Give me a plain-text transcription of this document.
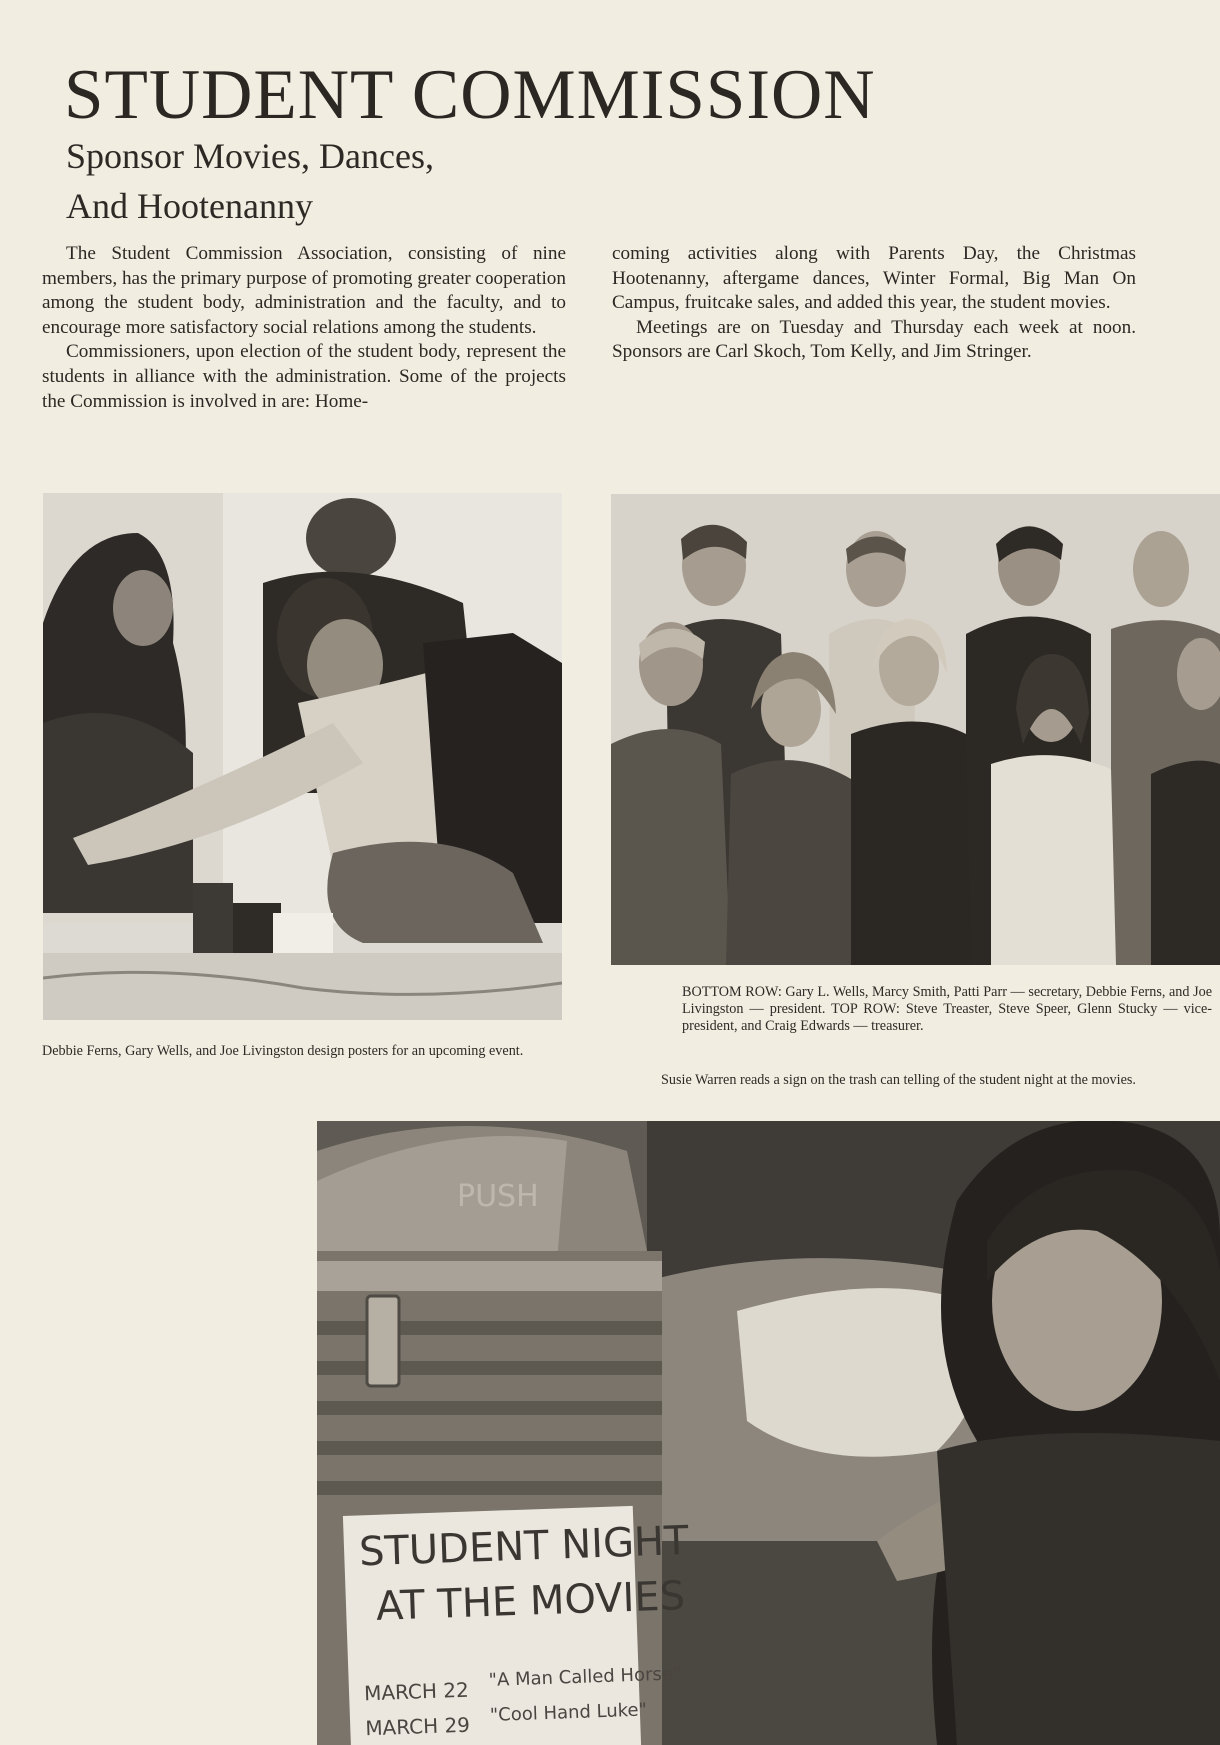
STUDENT COMMISSION
Sponsor Movies, Dances,
And Hootenanny

The Student Commission Association, consisting of nine members, has the primary purpose of promoting greater cooperation among the student body, administration and the faculty, and to encourage more satisfactory social relations among the students.

Commissioners, upon election of the student body, represent the students in alliance with the administration. Some of the projects the Commission is involved in are: Home-

coming activities along with Parents Day, the Christmas Hootenanny, aftergame dances, Winter Formal, Big Man On Campus, fruitcake sales, and added this year, the student movies.

Meetings are on Tuesday and Thursday each week at noon. Sponsors are Carl Skoch, Tom Kelly, and Jim Stringer.

Debbie Ferns, Gary Wells, and Joe Livingston design posters for an upcoming event.

BOTTOM ROW: Gary L. Wells, Marcy Smith, Patti Parr — secretary, Debbie Ferns, and Joe Livingston — president. TOP ROW: Steve Treaster, Steve Speer, Glenn Stucky — vice-president, and Craig Edwards — treasurer.

Susie Warren reads a sign on the trash can telling of the student night at the movies.

PUSH
STUDENT NIGHT
AT THE MOVIES
MARCH 22
"A Man Called Horse"
MARCH 29 "Cool Hand Luke"
